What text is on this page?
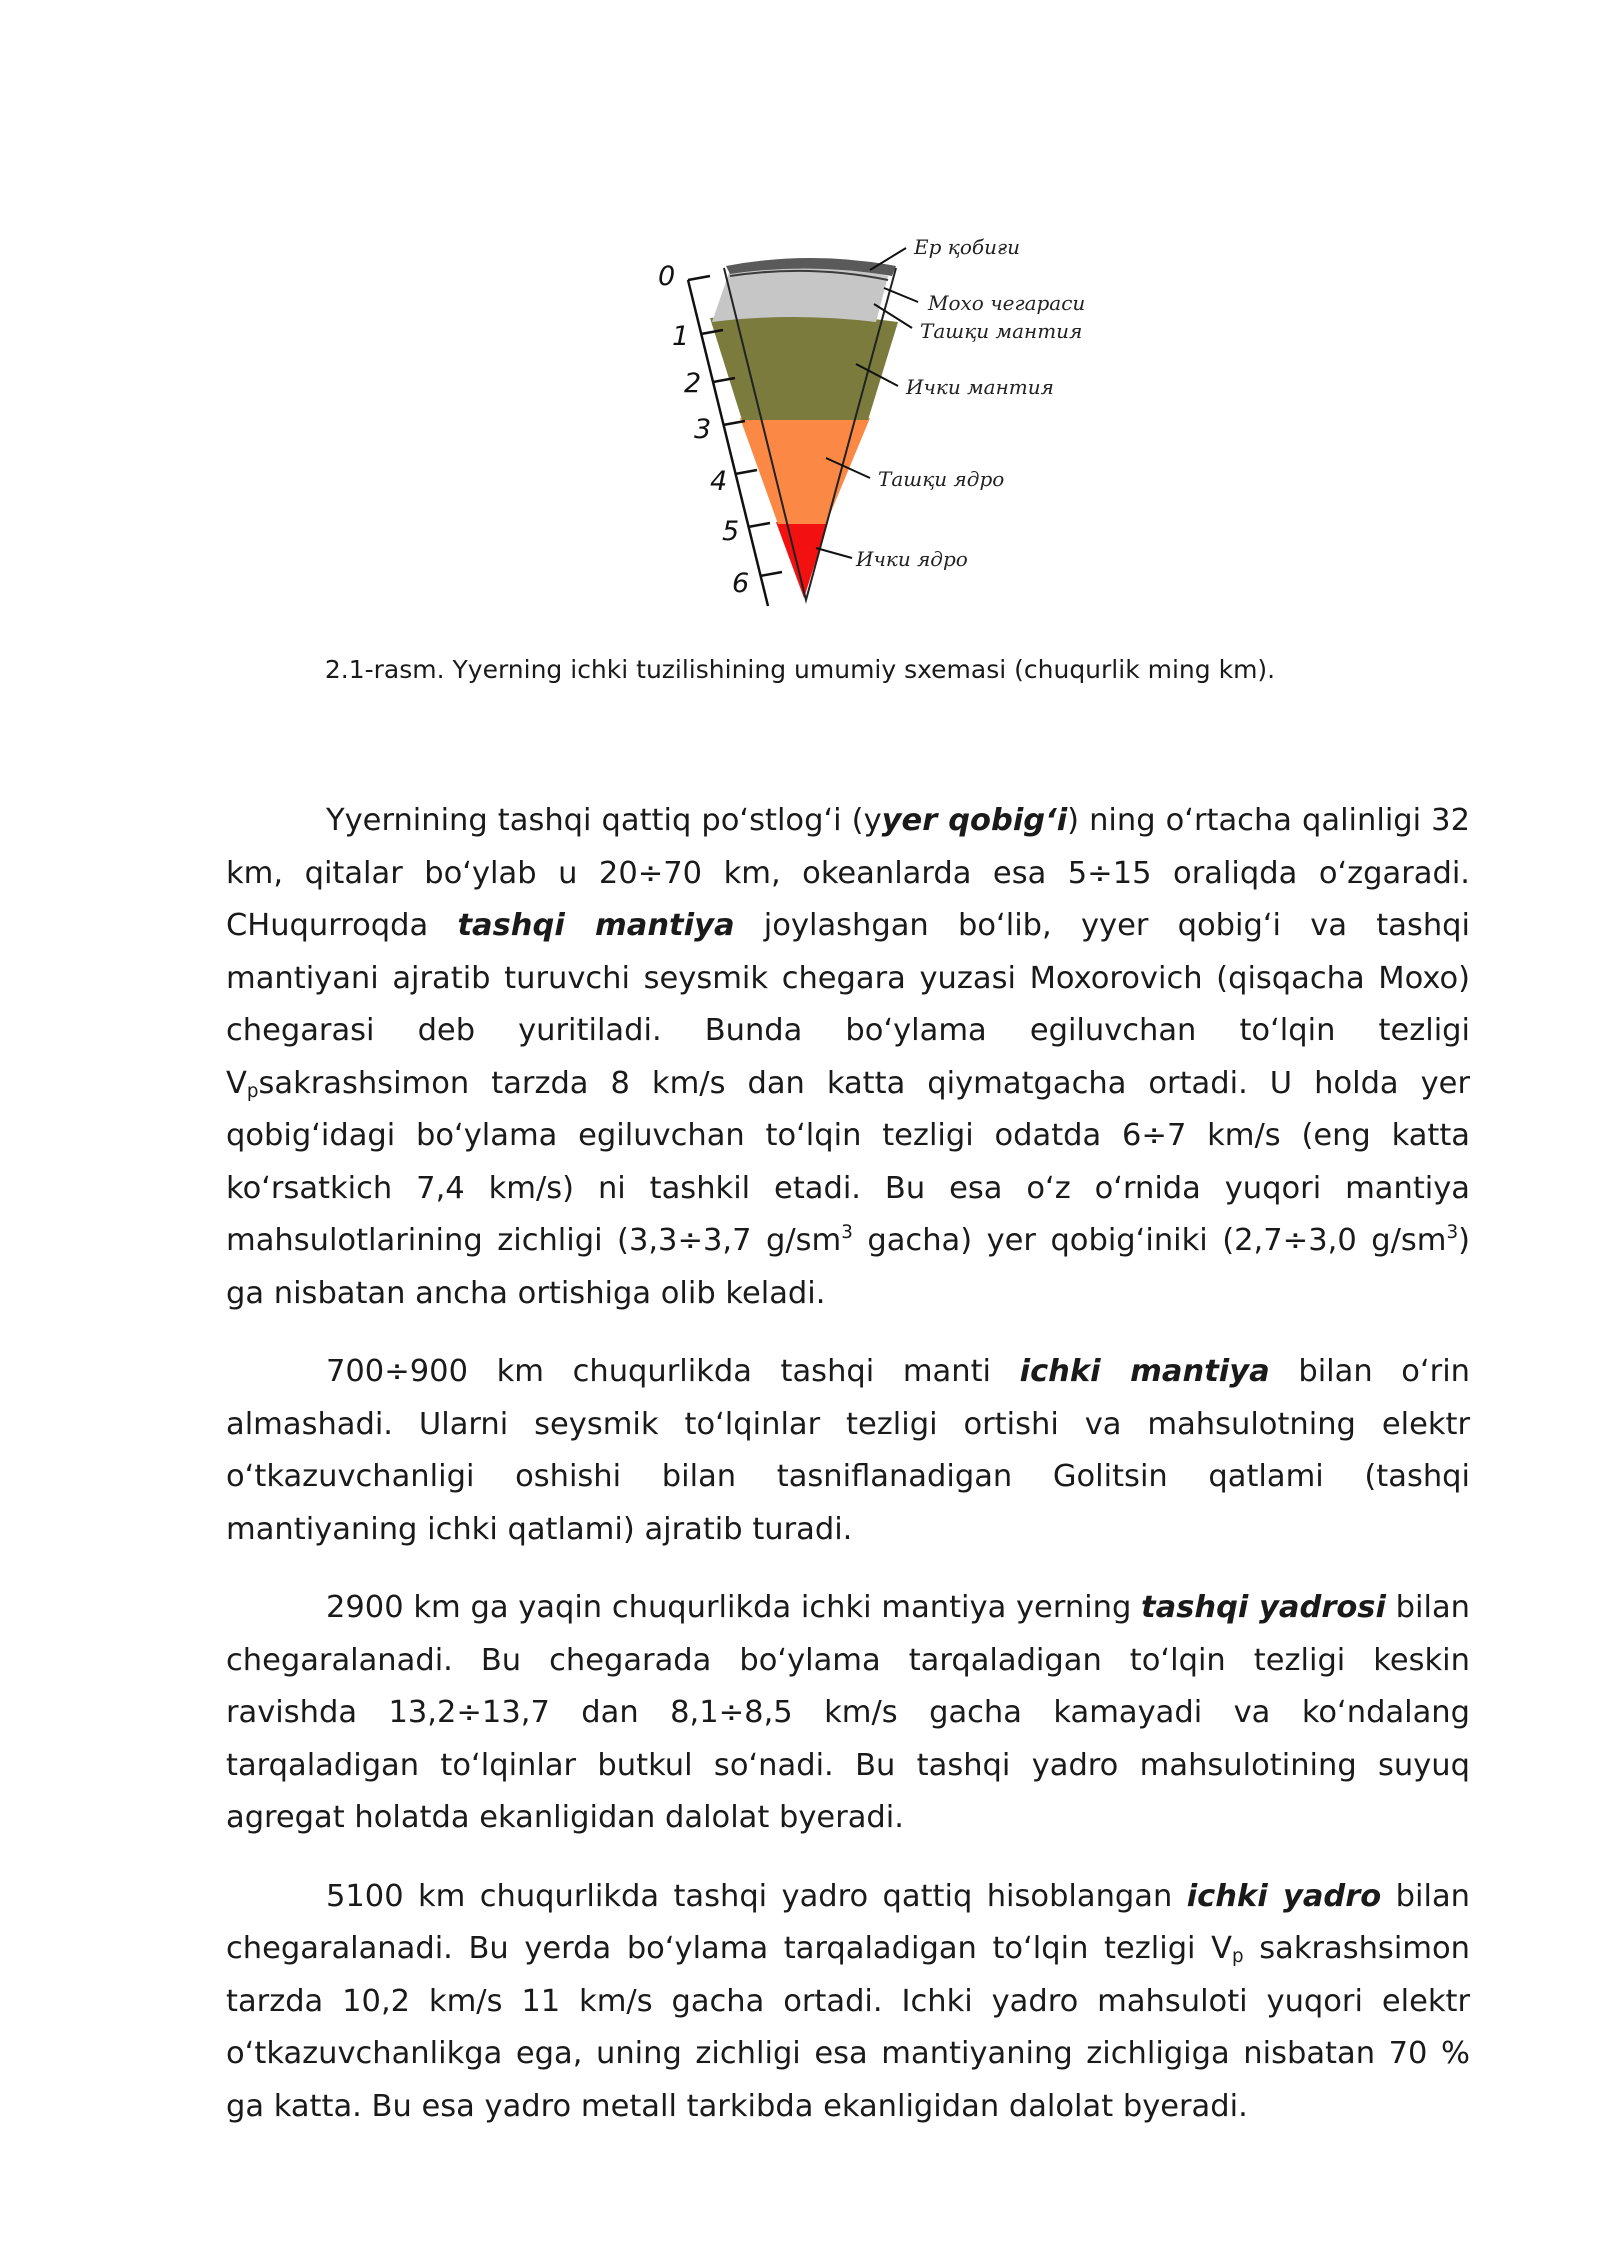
0
1
2
3
4
5
6
Ер қобиғи
Мохо чегараси
Ташқи мантия
Ички мантия
Ташқи ядро
Ички ядро
2.1-rasm. Yyerning ichki tuzilishining umumiy sxemasi (chuqurlik ming km).

Yyernining tashqi qattiq poʻstlogʻi (yyer qobigʻi) ning oʻrtacha qalinligi 32 km, qitalar boʻylab u 20÷70 km, okeanlarda esa 5÷15 oraliqda oʻzgaradi. CHuqurroqda tashqi mantiya joylashgan boʻlib, yyer qobigʻi va tashqi mantiyani ajratib turuvchi seysmik chegara yuzasi Moxorovich (qisqacha Moxo) chegarasi deb yuritiladi. Bunda boʻylama egiluvchan toʻlqin tezligi $V_psakrashsimon$ tarzda 8 km/s dan katta qiymatgacha ortadi. U holda yer qobigʻidagi boʻylama egiluvchan toʻlqin tezligi odatda 6÷7 km/s (eng katta koʻrsatkich 7,4 km/s) ni tashkil etadi. Bu esa oʻz oʻrnida yuqori mantiya mahsulotlarining zichligi (3,3÷3,7 $g/sm^3$ gacha) yer qobigʻiniki (2,7÷3,0 $g/sm^3$) ga nisbatan ancha ortishiga olib keladi.

700÷900 km chuqurlikda tashqi manti ichki mantiya bilan oʻrin almashadi. Ularni seysmik toʻlqinlar tezligi ortishi va mahsulotning elektr oʻtkazuvchanligi oshishi bilan tasniflanadigan Golitsin qatlami (tashqi mantiyaning ichki qatlami) ajratib turadi.

2900 km ga yaqin chuqurlikda ichki mantiya yerning tashqi yadrosi bilan chegaralanadi. Bu chegarada boʻylama tarqaladigan toʻlqin tezligi keskin ravishda 13,2÷13,7 dan 8,1÷8,5 km/s gacha kamayadi va koʻndalang tarqaladigan toʻlqinlar butkul soʻnadi. Bu tashqi yadro mahsulotining suyuq agregat holatda ekanligidan dalolat byeradi.

5100 km chuqurlikda tashqi yadro qattiq hisoblangan ichki yadro bilan chegaralanadi. Bu yerda boʻylama tarqaladigan toʻlqin tezligi $V_p$ sakrashsimon tarzda 10,2 km/s 11 km/s gacha ortadi. Ichki yadro mahsuloti yuqori elektr oʻtkazuvchanlikga ega, uning zichligi esa mantiyaning zichligiga nisbatan 70 % ga katta. Bu esa yadro metall tarkibda ekanligidan dalolat byeradi.
